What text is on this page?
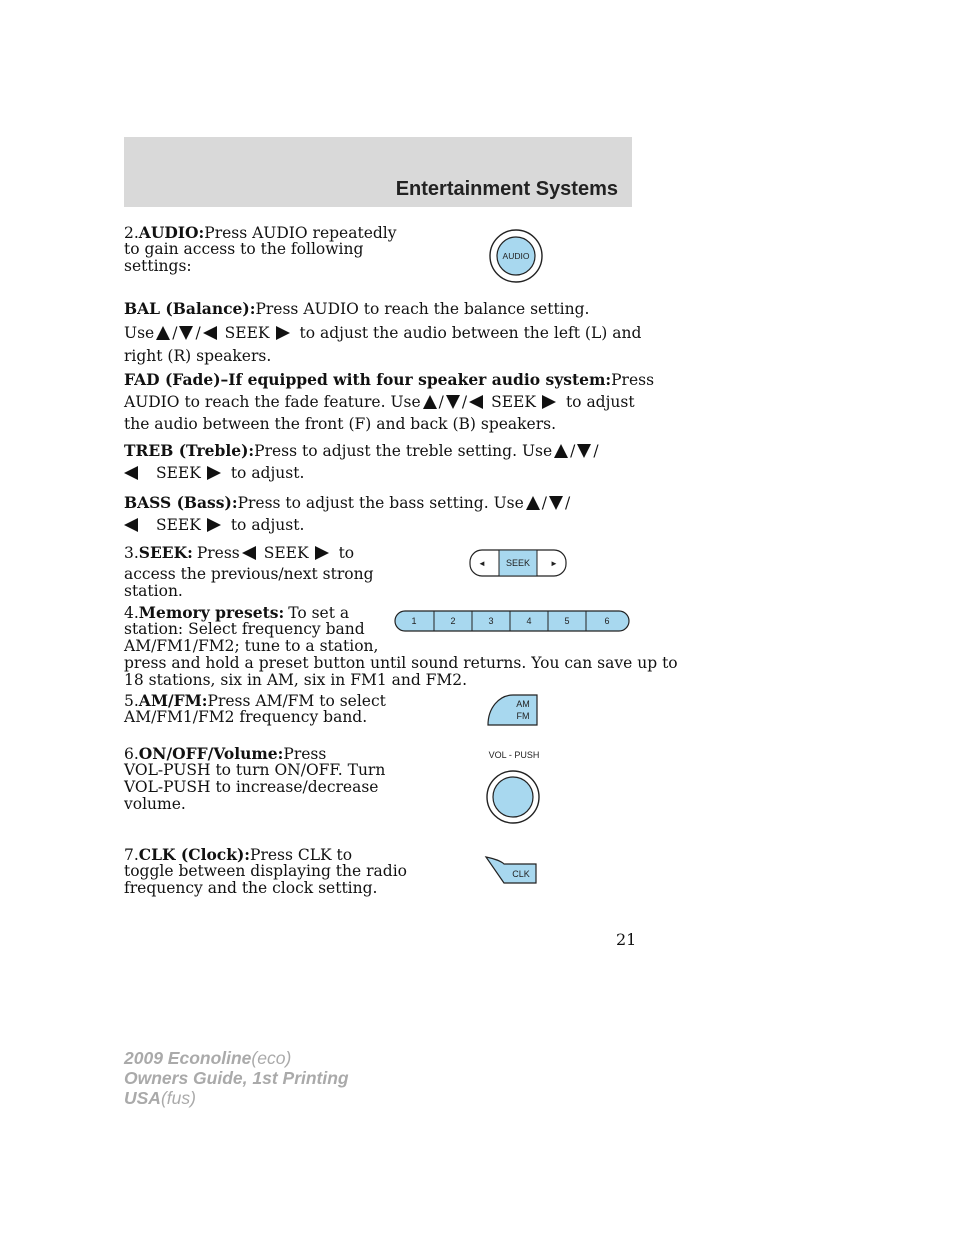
Entertainment Systems
2.AUDIO:Press AUDIO repeatedly
to gain access to the following
settings:
AUDIO
BAL (Balance):Press AUDIO to reach the balance setting.
Use / / SEEK to adjust the audio between the left (L) and
right (R) speakers.
FAD (Fade)–If equipped with four speaker audio system:Press
AUDIO to reach the fade feature. Use / / SEEK to adjust
the audio between the front (F) and back (B) speakers.
TREB (Treble):Press to adjust the treble setting. Use / /
SEEK to adjust.
BASS (Bass):Press to adjust the bass setting. Use / /
SEEK to adjust.
3.SEEK: Press SEEK to
access the previous/next strong
station.
SEEK
◄	►
4.Memory presets: To set a
station: Select frequency band
AM/FM1/FM2; tune to a station,
press and hold a preset button until sound returns. You can save up to
18 stations, six in AM, six in FM1 and FM2.
1	2	3	4	5	6
5.AM/FM:Press AM/FM to select
AM/FM1/FM2 frequency band.
AM
FM
6.ON/OFF/Volume:Press
VOL-PUSH to turn ON/OFF. Turn
VOL-PUSH to increase/decrease
volume.
VOL - PUSH
7.CLK (Clock):Press CLK to
toggle between displaying the radio
frequency and the clock setting.
CLK
21
2009 Econoline(eco)
Owners Guide, 1st Printing
USA(fus)
